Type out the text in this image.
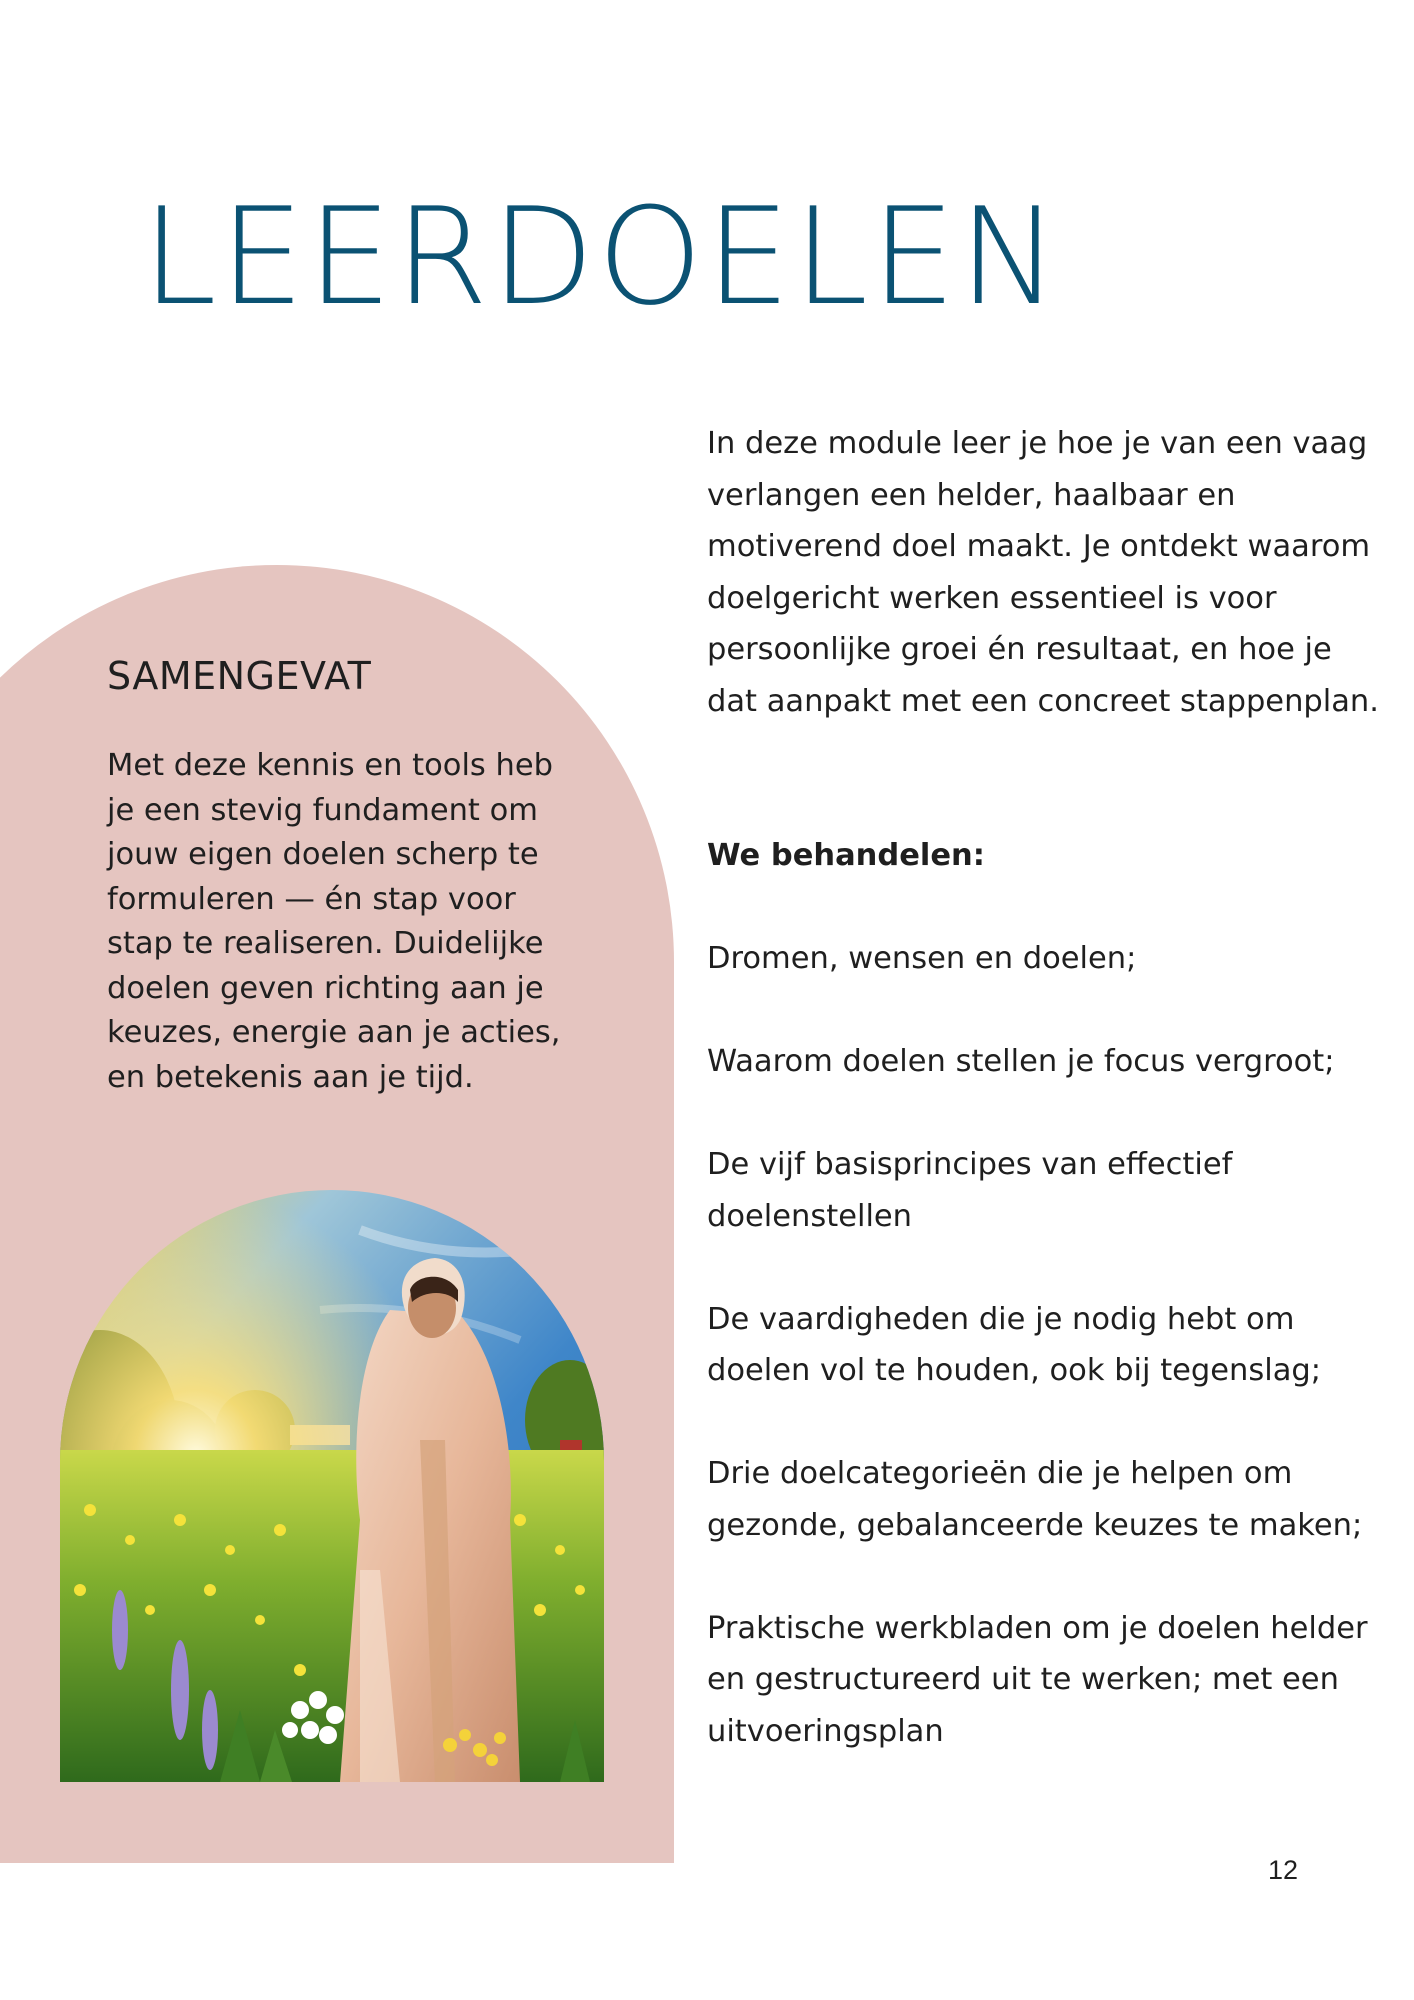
LEERDOELEN
SAMENGEVAT

Met deze kennis en tools heb je een stevig fundament om jouw eigen doelen scherp te formuleren — én stap voor stap te realiseren. Duidelijke doelen geven richting aan je keuzes, energie aan je acties, en betekenis aan je tijd.

In deze module leer je hoe je van een vaag verlangen een helder, haalbaar en motiverend doel maakt. Je ontdekt waarom doelgericht werken essentieel is voor persoonlijke groei én resultaat, en hoe je dat aanpakt met een concreet stappenplan.

We behandelen:

Dromen, wensen en doelen;
Waarom doelen stellen je focus vergroot;
De vijf basisprincipes van effectief doelenstellen
De vaardigheden die je nodig hebt om doelen vol te houden, ook bij tegenslag;
Drie doelcategorieën die je helpen om gezonde, gebalanceerde keuzes te maken;
Praktische werkbladen om je doelen helder en gestructureerd uit te werken; met een uitvoeringsplan

12
